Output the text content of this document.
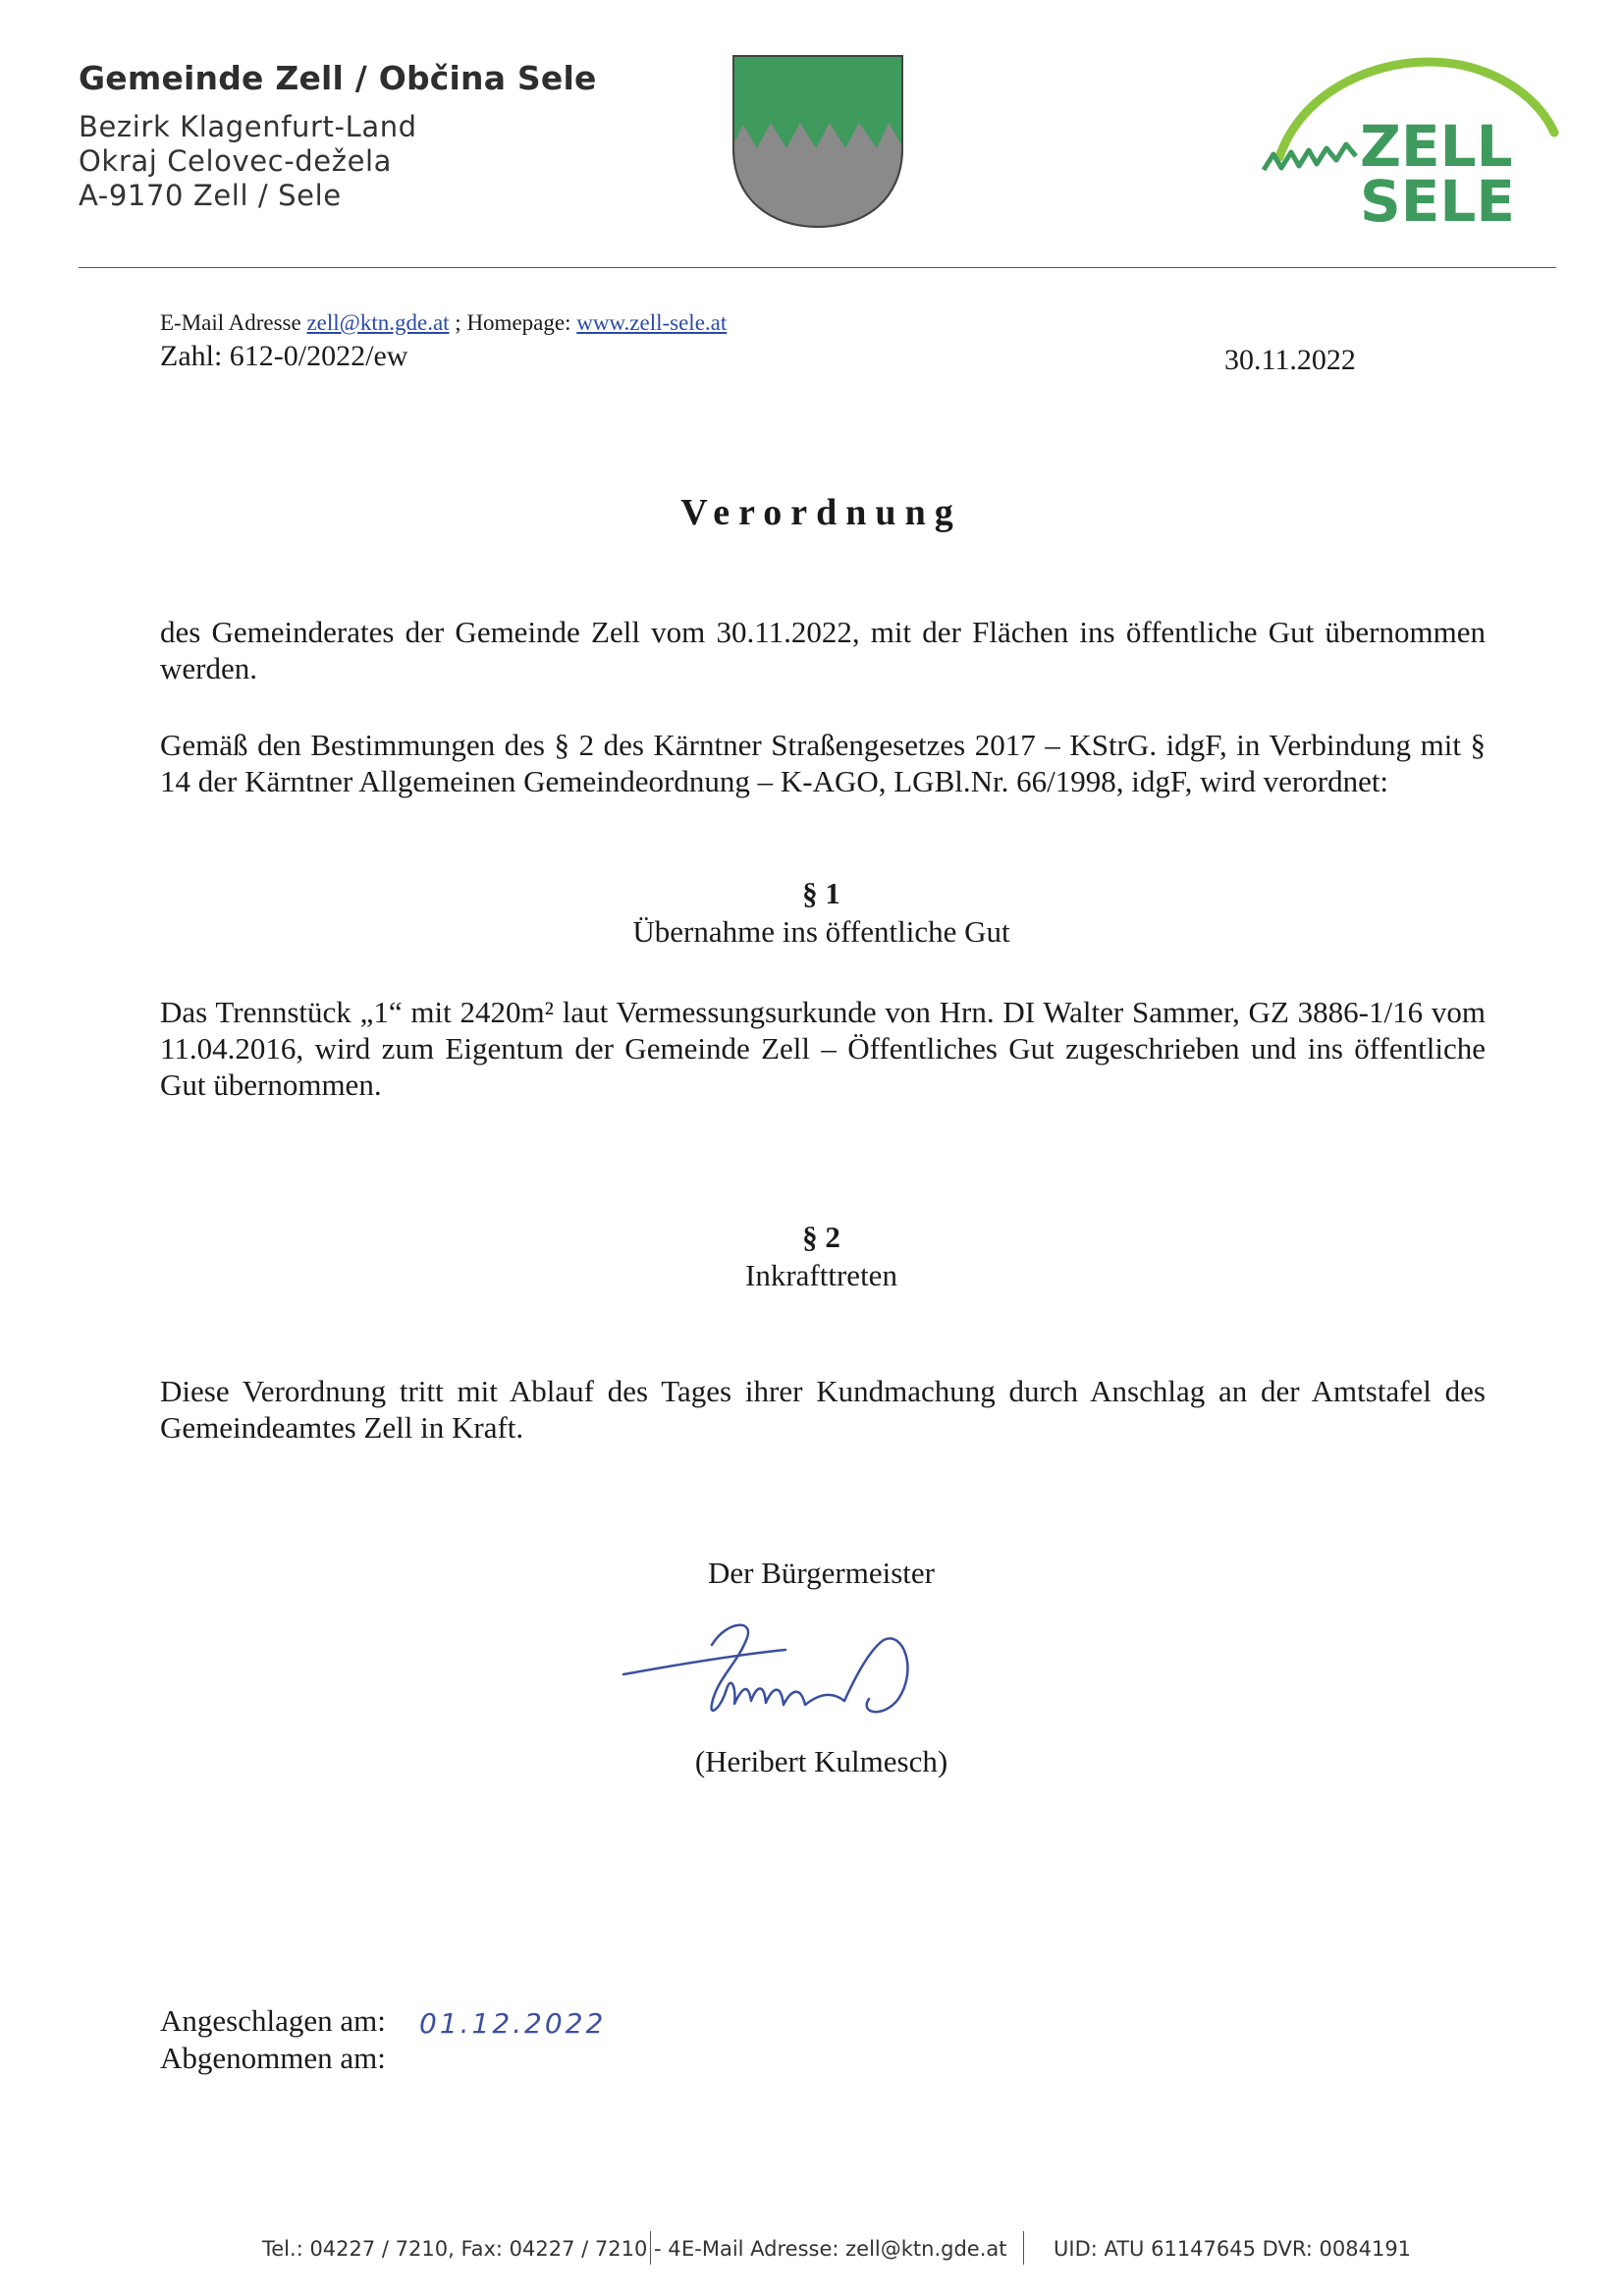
Gemeinde Zell / Občina Sele
Bezirk Klagenfurt-Land
Okraj Celovec-dežela
A-9170 Zell / Sele
ZELL
SELE
E-Mail Adresse zell@ktn.gde.at ; Homepage: www.zell-sele.at
Zahl: 612-0/2022/ew	30.11.2022
Verordnung
des Gemeinderates der Gemeinde Zell vom 30.11.2022, mit der Flächen ins öffentliche Gut übernommen werden.
Gemäß den Bestimmungen des § 2 des Kärntner Straßengesetzes 2017 – KStrG. idgF, in Verbindung mit § 14 der Kärntner Allgemeinen Gemeindeordnung – K-AGO, LGBl.Nr. 66/1998, idgF, wird verordnet:
§ 1
Übernahme ins öffentliche Gut
Das Trennstück „1“ mit 2420m² laut Vermessungsurkunde von Hrn. DI Walter Sammer, GZ 3886-1/16 vom 11.04.2016, wird zum Eigentum der Gemeinde Zell – Öffentliches Gut zugeschrieben und ins öffentliche Gut übernommen.
§ 2
Inkrafttreten
Diese Verordnung tritt mit Ablauf des Tages ihrer Kundmachung durch Anschlag an der Amtstafel des Gemeindeamtes Zell in Kraft.
Der Bürgermeister
(Heribert Kulmesch)
Angeschlagen am: 01.12.2022
Abgenommen am:
Tel.: 04227 / 7210, Fax: 04227 / 7210 - 4 E-Mail Adresse: zell@ktn.gde.at UID: ATU 61147645 DVR: 0084191
